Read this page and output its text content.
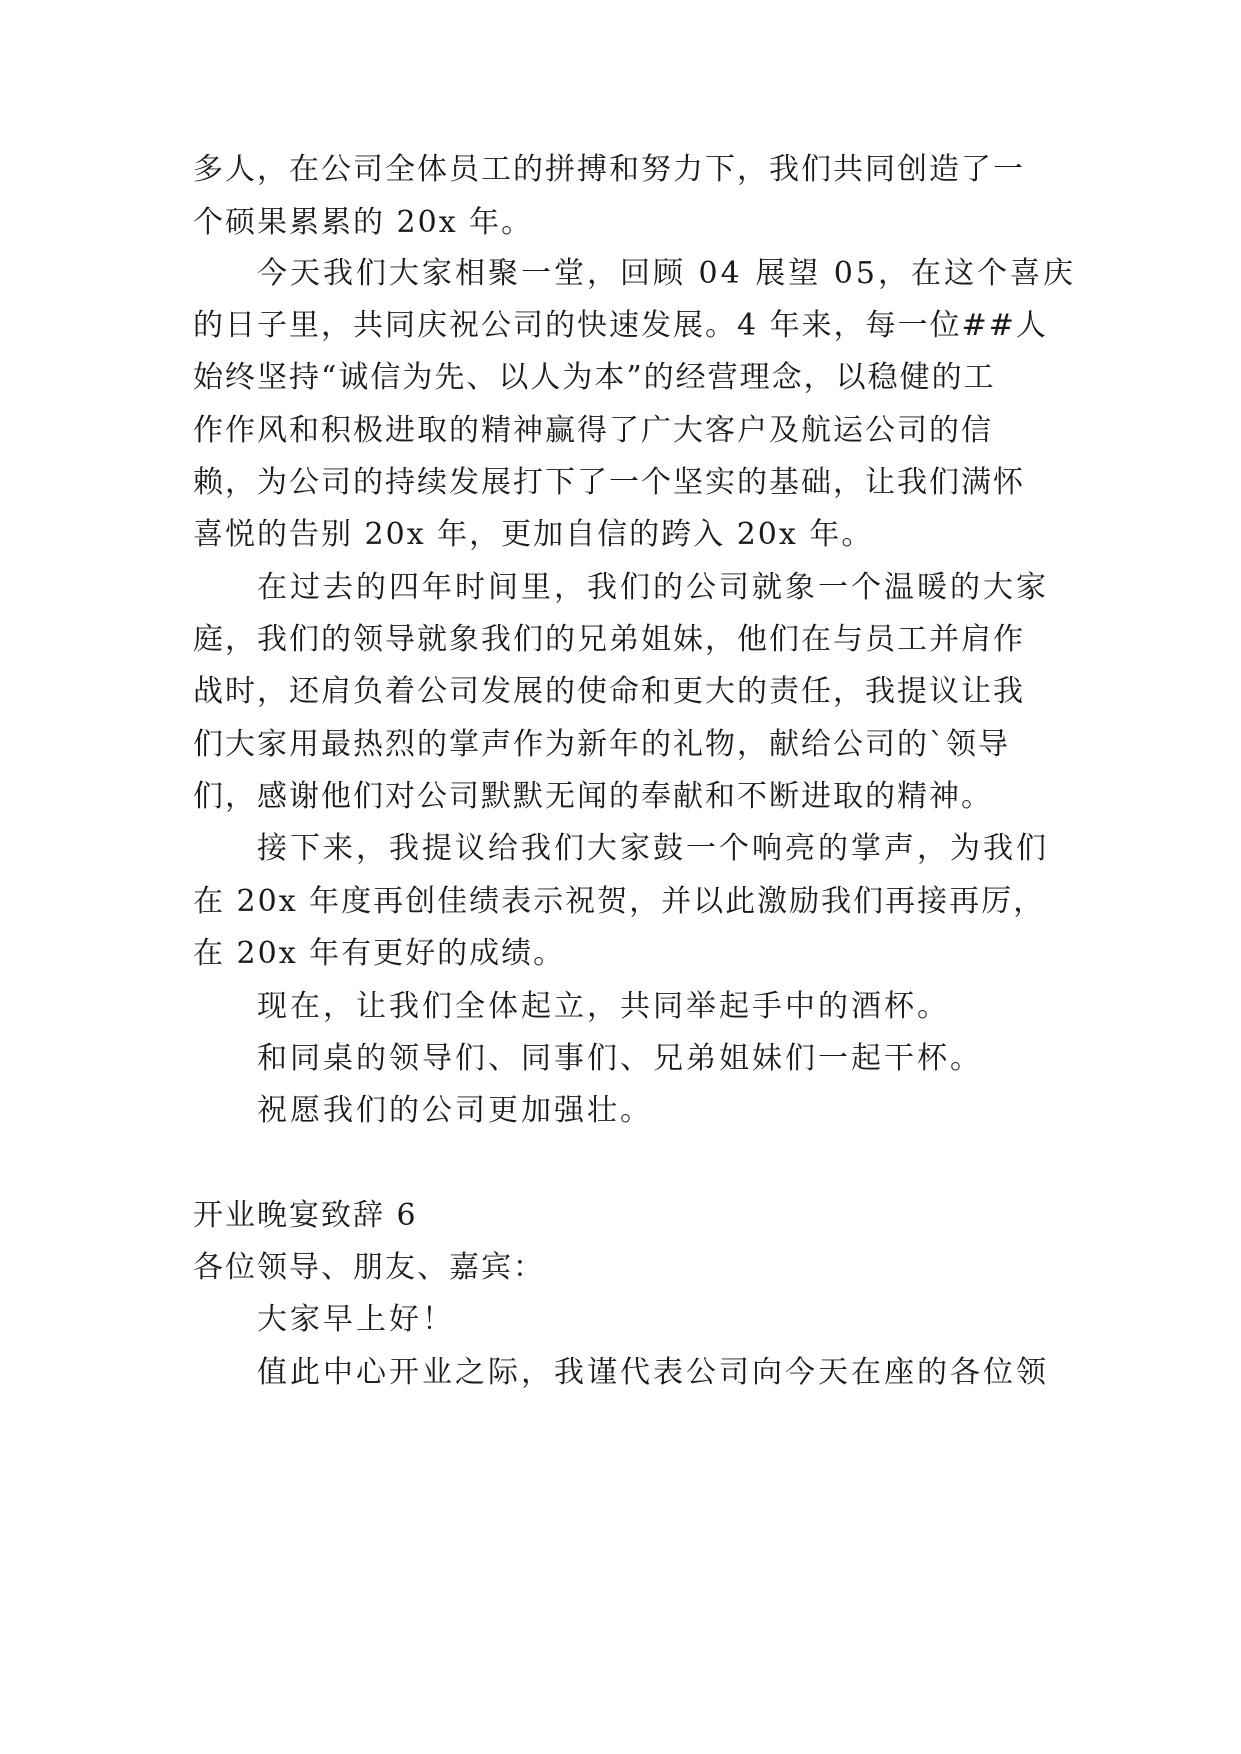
多人，在公司全体员工的拼搏和努力下，我们共同创造了一
个硕果累累的 20x 年。
今天我们大家相聚一堂，回顾 04 展望 05，在这个喜庆
的日子里，共同庆祝公司的快速发展。4 年来，每一位##人
始终坚持“诚信为先、以人为本”的经营理念，以稳健的工
作作风和积极进取的精神赢得了广大客户及航运公司的信
赖，为公司的持续发展打下了一个坚实的基础，让我们满怀
喜悦的告别 20x 年，更加自信的跨入 20x 年。
在过去的四年时间里，我们的公司就象一个温暖的大家
庭，我们的领导就象我们的兄弟姐妹，他们在与员工并肩作
战时，还肩负着公司发展的使命和更大的责任，我提议让我
们大家用最热烈的掌声作为新年的礼物，献给公司的`领导
们，感谢他们对公司默默无闻的奉献和不断进取的精神。
接下来，我提议给我们大家鼓一个响亮的掌声，为我们
在 20x 年度再创佳绩表示祝贺，并以此激励我们再接再厉，
在 20x 年有更好的成绩。
现在，让我们全体起立，共同举起手中的酒杯。
和同桌的领导们、同事们、兄弟姐妹们一起干杯。
祝愿我们的公司更加强壮。
开业晚宴致辞 6
各位领导、朋友、嘉宾：
大家早上好！
值此中心开业之际，我谨代表公司向今天在座的各位领
